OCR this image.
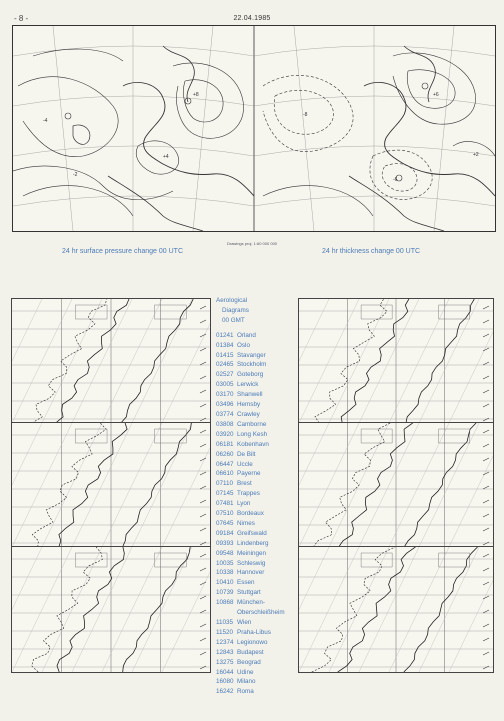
- 8 -	22.04.1985
-4
+8
-2
+4
-8
+6
-6
+2
Drawings proj. 1:60 000 000
24 hr surface pressure change 00 UTC	24 hr thickness change 00 UTC
Aerological
Diagrams
00 GMT
01241 Orland
01384 Oslo
01415 Stavanger
02465 Stockholm
02527 Goteborg
03005 Lerwick
03170 Shanwell
03496 Hemsby
03774 Crawley
03808 Camborne
03920 Long Kesh
06181 Kobenhavn
06260 De Bilt
06447 Uccle
06610 Payerne
07110 Brest
07145 Trappes
07481 Lyon
07510 Bordeaux
07645 Nimes
09184 Greifswald
09393 Lindenberg
09548 Meiningen
10035 Schleswig
10338 Hannover
10410 Essen
10739 Stuttgart
10868 München-
Oberschleißheim
11035 Wien
11520 Praha-Libus
12374 Legionowo
12843 Budapest
13275 Beograd
16044 Udine
16080 Milano
16242 Roma
